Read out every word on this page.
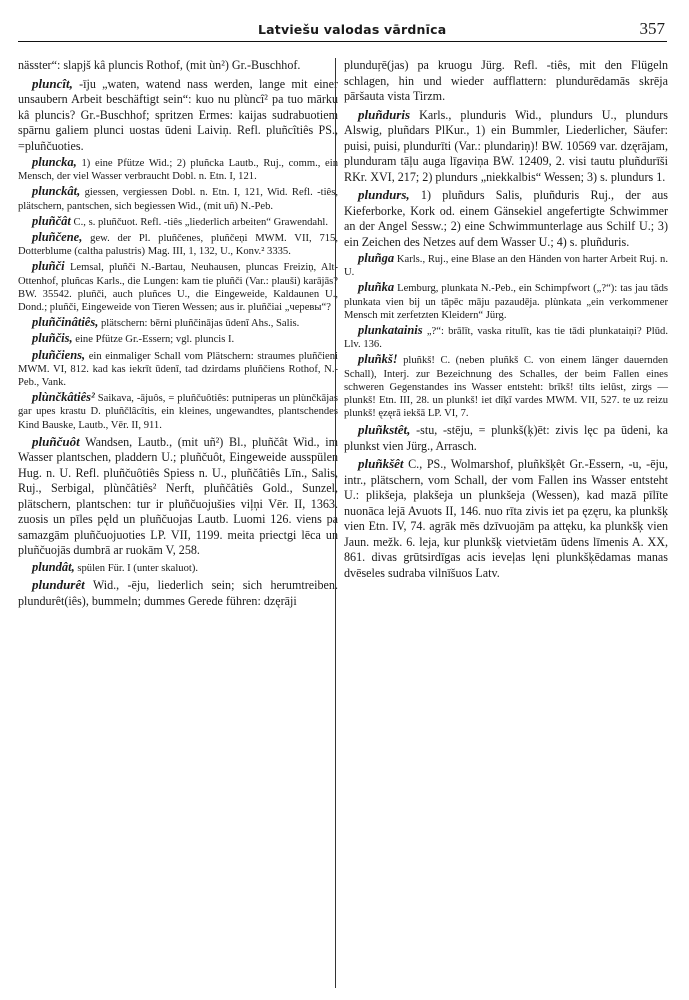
Latviešu valodas vārdnīca	357

nässter“: slapjš kâ pluncis Rothof, (mit ùn²) Gr.-Buschhof.

pluncît, -īju „waten, watend nass werden, lange mit einer unsaubern Arbeit beschäftigt sein“: kuo nu plùncî² pa tuo mārku kâ pluncis? Gr.-Buschhof; spritzen Ermes: kaijas sudrabuotiem spārnu galiem plunci uostas ūdeni Laiviņ. Refl. pluñcîtiês PS., =pluñčuoties.

pluncka, 1) eine Pfütze Wid.; 2) pluñcka Lautb., Ruj., comm., ein Mensch, der viel Wasser verbraucht Dobl. n. Etn. I, 121.

plunckât, giessen, vergiessen Dobl. n. Etn. I, 121, Wid. Refl. -tiês, plätschern, pantschen, sich begiessen Wid., (mit uñ) N.-Peb.

pluñčât C., s. pluñčuot. Refl. -tiês „liederlich arbeiten“ Grawendahl.

pluñčene, gew. der Pl. pluñčenes, pluñčeņi MWM. VII, 715, Dotterblume (caltha palustris) Mag. III, 1, 132, U., Konv.² 3335.

pluñči Lemsal, pluñči N.-Bartau, Neuhausen, pluncas Freiziņ, Alt-Ottenhof, pluñcas Karls., die Lungen: kam tie pluñči (Var.: plauši) karājās? BW. 35542. pluñči, auch pluñces U., die Eingeweide, Kaldaunen U., Dond.; pluñči, Eingeweide von Tieren Wessen; aus ir. pluñčiai „черевы“?

pluñčinâtiês, plätschern: bērni pluñčinājas ūdenī Ahs., Salis.

pluñčis, eine Pfütze Gr.-Essern; vgl. pluncis I.

pluñčiens, ein einmaliger Schall vom Plätschern: straumes pluñčieni MWM. VI, 812. kad kas iekrīt ūdenī, tad dzirdams pluñčiens Rothof, N.-Peb., Vank.

plùnčkâtiês² Saikava, -ājuôs, = pluñčuôtiês: putniperas un plùnčkājas gar upes krastu D. pluñčlâcîtis, ein kleines, ungewandtes, plantschendes Kind Bauske, Lautb., Vēr. II, 911.

pluñčuôt Wandsen, Lautb., (mit uñ²) Bl., pluñčât Wid., im Wasser plantschen, pladdern U.; pluñčuôt, Eingeweide ausspülen Hug. n. U. Refl. pluñčuôtiês Spiess n. U., pluñčâtiês Līn., Salis, Ruj., Serbigal, plùnčâtiês² Nerft, pluñčâtiês Gold., Sunzel, plätschern, plantschen: tur ir pluñčuojušies viļņi Vēr. II, 1363. zuosis un pīles pęld un pluñčuojas Lautb. Luomi 126. viens pa samazgām pluñčuojuoties LP. VII, 1199. meita priectgi lēca un pluñčuojās dumbrā ar ruokām V, 258.

plundât, spülen Für. I (unter skaluot).

plundurêt Wid., -ēju, liederlich sein; sich herumtreiben. plundurêt(iês), bummeln; dummes Gerede führen: dzęrāji

plunduŗē(jas) pa kruogu Jürg. Refl. -tiês, mit den Flügeln schlagen, hin und wieder aufflattern: plundurēdamās skrēja pāršauta vista Tirzm.

pluñduris Karls., plunduris Wid., plundurs U., plundurs Alswig, pluñdars PlKur., 1) ein Bummler, Liederlicher, Säufer: puisi, puisi, plundurīti (Var.: plundariņ)! BW. 10569 var. dzęrājam, plunduram tāļu auga līgaviņa BW. 12409, 2. visi tautu pluñdurīši RKr. XVI, 217; 2) plundurs „niekkalbis“ Wessen; 3) s. plundurs 1.

plundurs, 1) pluñdurs Salis, pluñduris Ruj., der aus Kieferborke, Kork od. einem Gänsekiel angefertigte Schwimmer an der Angel Sessw.; 2) eine Schwimmunterlage aus Schilf U.; 3) ein Zeichen des Netzes auf dem Wasser U.; 4) s. pluñduris.

pluñga Karls., Ruj., eine Blase an den Händen von harter Arbeit Ruj. n. U.

pluñka Lemburg, plunkata N.-Peb., ein Schimpfwort („?“): tas jau tāds plunkata vien bij un tāpēc māju pazaudēja. plùnkata „ein verkommener Mensch mit zerfetzten Kleidern“ Jürg.

plunkatainis „?“: brālīt, vaska ritulīt, kas tie tādi plunkataiņi? Plūd. Llv. 136.

pluñkš! pluñkš! C. (neben pluñkš C. von einem länger dauernden Schall), Interj. zur Bezeichnung des Schalles, der beim Fallen eines schweren Gegenstandes ins Wasser entsteht: brīkš! tilts ielūst, zirgs — plunkš! Etn. III, 28. un plunkš! iet dīķī vardes MWM. VII, 527. te uz reizu plunkš! ęzęrā iekšā LP. VI, 7.

pluñkstêt, -stu, -stēju, = plunkš(ķ)ēt: zivis lęc pa ūdeni, ka plunkst vien Jürg., Arrasch.

pluñkšêt C., PS., Wolmarshof, pluñkšķêt Gr.-Essern, -u, -ēju, intr., plätschern, vom Schall, der vom Fallen ins Wasser entsteht U.: plikšeja, plakšeja un plunkšeja (Wessen), kad mazā pīlīte nuonāca lejā Avuots II, 146. nuo rīta zivis iet pa ęzęru, ka plunkšķ vien Etn. IV, 74. agrāk mēs dzīvuojām pa attęku, ka plunkšķ vien Jaun. mežk. 6. leja, kur plunkšķ vietvietām ūdens līmenis A. XX, 861. divas grūtsirdīgas acis ieveļas lęni plunkšķēdamas manas dvēseles sudraba vilnīšuos Latv.
